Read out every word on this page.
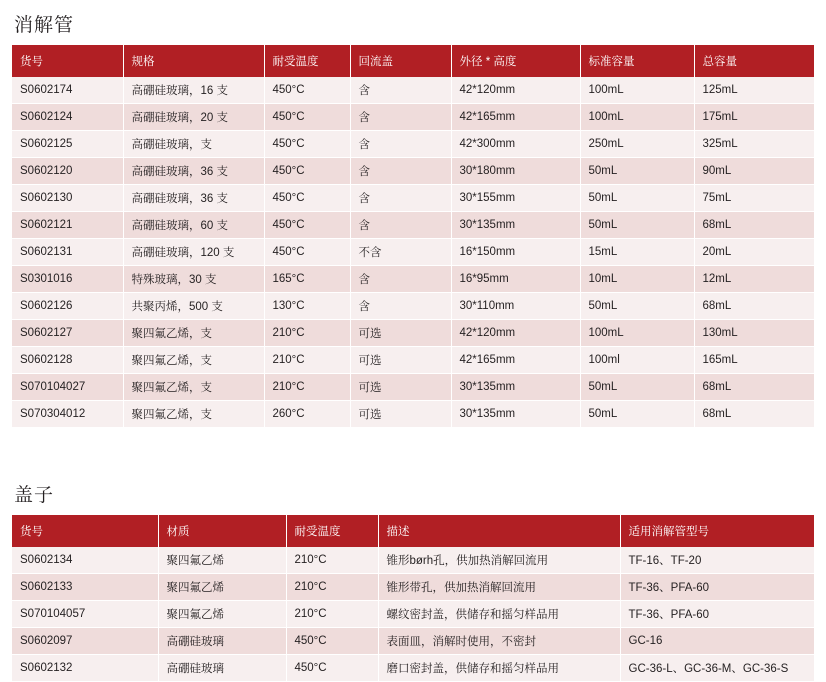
消解管
货号	规格	耐受温度	回流盖	外径 * 高度	标准容量	总容量
S0602174	高硼硅玻璃，16 支	450°C	含	42*120mm	100mL	125mL
S0602124	高硼硅玻璃，20 支	450°C	含	42*165mm	100mL	175mL
S0602125	高硼硅玻璃，支	450°C	含	42*300mm	250mL	325mL
S0602120	高硼硅玻璃，36 支	450°C	含	30*180mm	50mL	90mL
S0602130	高硼硅玻璃，36 支	450°C	含	30*155mm	50mL	75mL
S0602121	高硼硅玻璃，60 支	450°C	含	30*135mm	50mL	68mL
S0602131	高硼硅玻璃，120 支	450°C	不含	16*150mm	15mL	20mL
S0301016	特殊玻璃，30 支	165°C	含	16*95mm	10mL	12mL
S0602126	共聚丙烯，500 支	130°C	含	30*110mm	50mL	68mL
S0602127	聚四氟乙烯，支	210°C	可选	42*120mm	100mL	130mL
S0602128	聚四氟乙烯，支	210°C	可选	42*165mm	100ml	165mL
S070104027	聚四氟乙烯，支	210°C	可选	30*135mm	50mL	68mL
S070304012	聚四氟乙烯，支	260°C	可选	30*135mm	50mL	68mL
盖子
货号	材质	耐受温度	描述	适用消解管型号
S0602134	聚四氟乙烯	210°C	锥形børh孔，供加热消解回流用	TF-16、TF-20
S0602133	聚四氟乙烯	210°C	锥形带孔，供加热消解回流用	TF-36、PFA-60
S070104057	聚四氟乙烯	210°C	螺纹密封盖，供储存和摇匀样品用	TF-36、PFA-60
S0602097	高硼硅玻璃	450°C	表面皿，消解时使用，不密封	GC-16
S0602132	高硼硅玻璃	450°C	磨口密封盖，供储存和摇匀样品用	GC-36-L、GC-36-M、GC-36-S
